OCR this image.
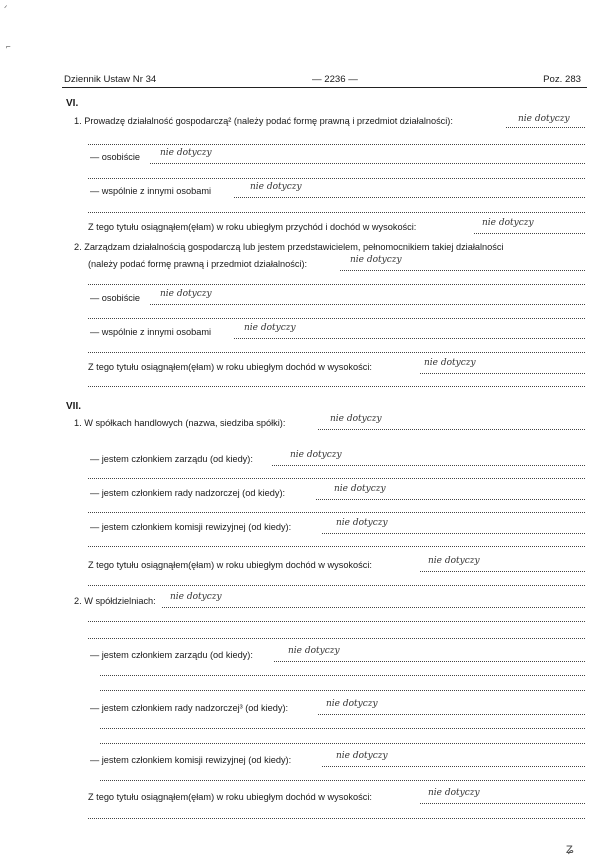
ᐟ
⌐
ʑ
Dziennik Ustaw Nr 34	— 2236 —	Poz. 283
VI.
1. Prowadzę działalność gospodarczą² (należy podać formę prawną i przedmiot działalności):	nie dotyczy
— osobiście nie dotyczy
— wspólnie z innymi osobami	nie dotyczy
Z tego tytułu osiągnąłem(ęłam) w roku ubiegłym przychód i dochód w wysokości:	nie dotyczy
2. Zarządzam działalnością gospodarczą lub jestem przedstawicielem, pełnomocnikiem takiej działalności
(należy podać formę prawną i przedmiot działalności):	nie dotyczy
— osobiście nie dotyczy
— wspólnie z innymi osobami	nie dotyczy
Z tego tytułu osiągnąłem(ęłam) w roku ubiegłym dochód w wysokości:	nie dotyczy
VII.
1. W spółkach handlowych (nazwa, siedziba spółki):	nie dotyczy
— jestem członkiem zarządu (od kiedy):	nie dotyczy
— jestem członkiem rady nadzorczej (od kiedy):	nie dotyczy
— jestem członkiem komisji rewizyjnej (od kiedy):	nie dotyczy
Z tego tytułu osiągnąłem(ęłam) w roku ubiegłym dochód w wysokości:	nie dotyczy
2. W spółdzielniach: nie dotyczy
— jestem członkiem zarządu (od kiedy):	nie dotyczy
— jestem członkiem rady nadzorczej³ (od kiedy):	nie dotyczy
— jestem członkiem komisji rewizyjnej (od kiedy):	nie dotyczy
Z tego tytułu osiągnąłem(ęłam) w roku ubiegłym dochód w wysokości:	nie dotyczy
